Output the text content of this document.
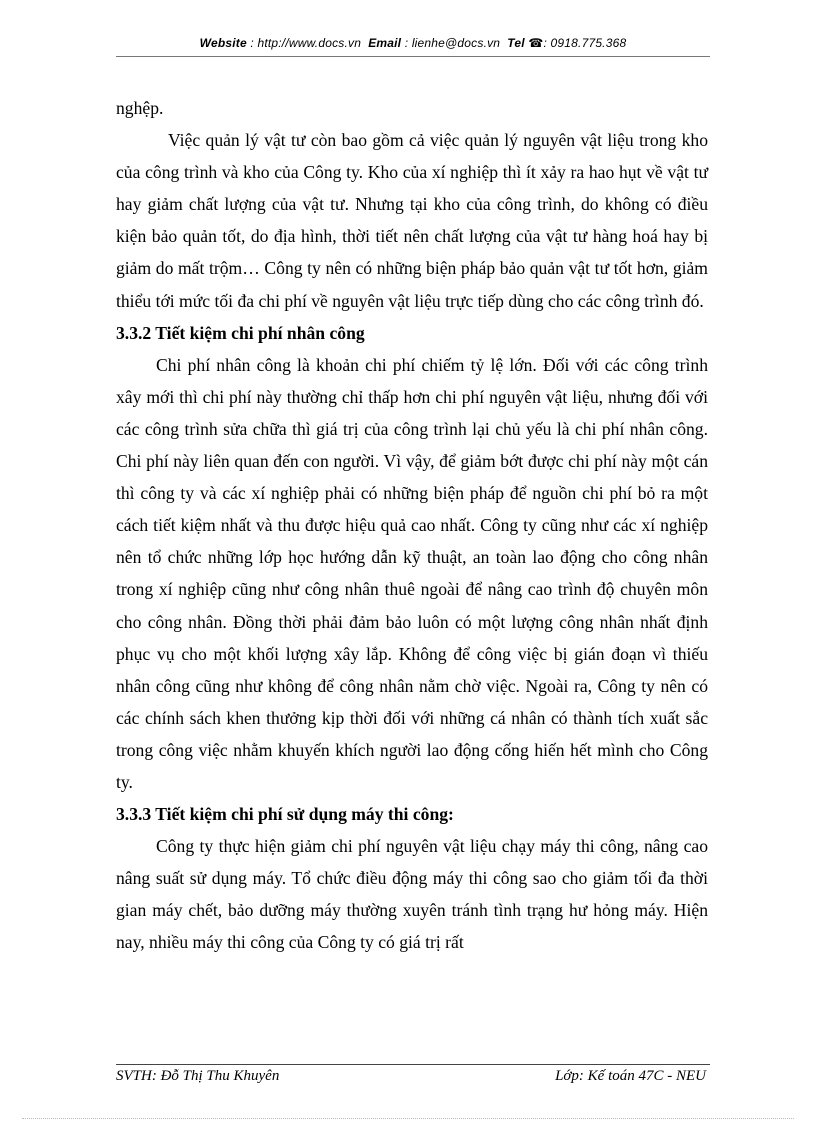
Website : http://www.docs.vn Email : lienhe@docs.vn Tel ☎: 0918.775.368

nghệp.

Việc quản lý vật tư còn bao gồm cả việc quản lý nguyên vật liệu trong kho của công trình và kho của Công ty. Kho của xí nghiệp thì ít xảy ra hao hụt về vật tư hay giảm chất lượng của vật tư. Nhưng tại kho của công trình, do không có điều kiện bảo quản tốt, do địa hình, thời tiết nên chất lượng của vật tư hàng hoá hay bị giảm do mất trộm… Công ty nên có những biện pháp bảo quản vật tư tốt hơn, giảm thiểu tới mức tối đa chi phí về nguyên vật liệu trực tiếp dùng cho các công trình đó.

3.3.2 Tiết kiệm chi phí nhân công

Chi phí nhân công là khoản chi phí chiếm tỷ lệ lớn. Đối với các công trình xây mới thì chi phí này thường chỉ thấp hơn chi phí nguyên vật liệu, nhưng đối với các công trình sửa chữa thì giá trị của công trình lại chủ yếu là chi phí nhân công. Chi phí này liên quan đến con người. Vì vậy, để giảm bớt được chi phí này một cán thì công ty và các xí nghiệp phải có những biện pháp để nguồn chi phí bỏ ra một cách tiết kiệm nhất và thu được hiệu quả cao nhất. Công ty cũng như các xí nghiệp nên tổ chức những lớp học hướng dẫn kỹ thuật, an toàn lao động cho công nhân trong xí nghiệp cũng như công nhân thuê ngoài để nâng cao trình độ chuyên môn cho công nhân. Đồng thời phải đảm bảo luôn có một lượng công nhân nhất định phục vụ cho một khối lượng xây lắp. Không để công việc bị gián đoạn vì thiếu nhân công cũng như không để công nhân nằm chờ việc. Ngoài ra, Công ty nên có các chính sách khen thưởng kịp thời đối với những cá nhân có thành tích xuất sắc trong công việc nhằm khuyến khích người lao động cống hiến hết mình cho Công ty.

3.3.3 Tiết kiệm chi phí sử dụng máy thi công:

Công ty thực hiện giảm chi phí nguyên vật liệu chạy máy thi công, nâng cao nâng suất sử dụng máy. Tổ chức điều động máy thi công sao cho giảm tối đa thời gian máy chết, bảo dưỡng máy thường xuyên tránh tình trạng hư hỏng máy. Hiện nay, nhiều máy thi công của Công ty có giá trị rất

SVTH: Đỗ Thị Thu Khuyên	Lớp: Kế toán 47C - NEU
